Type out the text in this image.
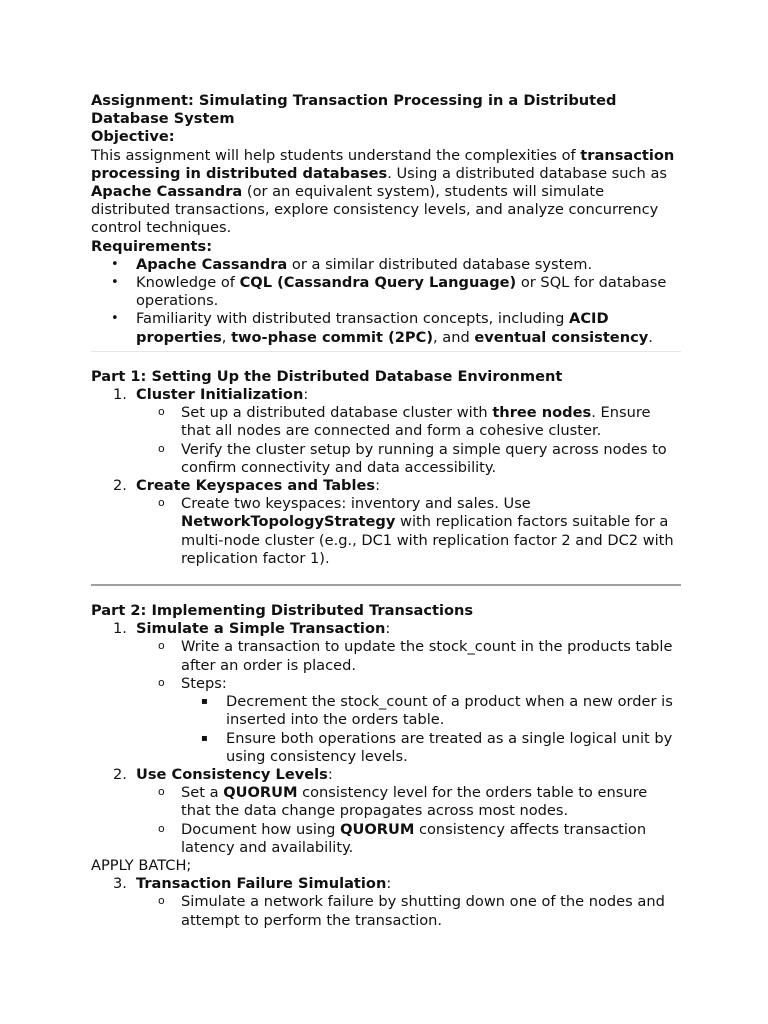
Assignment: Simulating Transaction Processing in a Distributed Database System

Objective:

This assignment will help students understand the complexities of transaction processing in distributed databases. Using a distributed database such as Apache Cassandra (or an equivalent system), students will simulate distributed transactions, explore consistency levels, and analyze concurrency control techniques.

Requirements:

• Apache Cassandra or a similar distributed database system.
• Knowledge of CQL (Cassandra Query Language) or SQL for database operations.
• Familiarity with distributed transaction concepts, including ACID properties, two-phase commit (2PC), and eventual consistency.

Part 1: Setting Up the Distributed Database Environment

1. Cluster Initialization:
o Set up a distributed database cluster with three nodes. Ensure that all nodes are connected and form a cohesive cluster.
o Verify the cluster setup by running a simple query across nodes to confirm connectivity and data accessibility.
2. Create Keyspaces and Tables:
o Create two keyspaces: inventory and sales. Use NetworkTopologyStrategy with replication factors suitable for a multi-node cluster (e.g., DC1 with replication factor 2 and DC2 with replication factor 1).

Part 2: Implementing Distributed Transactions

1. Simulate a Simple Transaction:
o Write a transaction to update the stock_count in the products table after an order is placed.
o Steps:
▪ Decrement the stock_count of a product when a new order is inserted into the orders table.
▪ Ensure both operations are treated as a single logical unit by using consistency levels.
2. Use Consistency Levels:
o Set a QUORUM consistency level for the orders table to ensure that the data change propagates across most nodes.
o Document how using QUORUM consistency affects transaction latency and availability.

APPLY BATCH;

3. Transaction Failure Simulation:
o Simulate a network failure by shutting down one of the nodes and attempt to perform the transaction.
